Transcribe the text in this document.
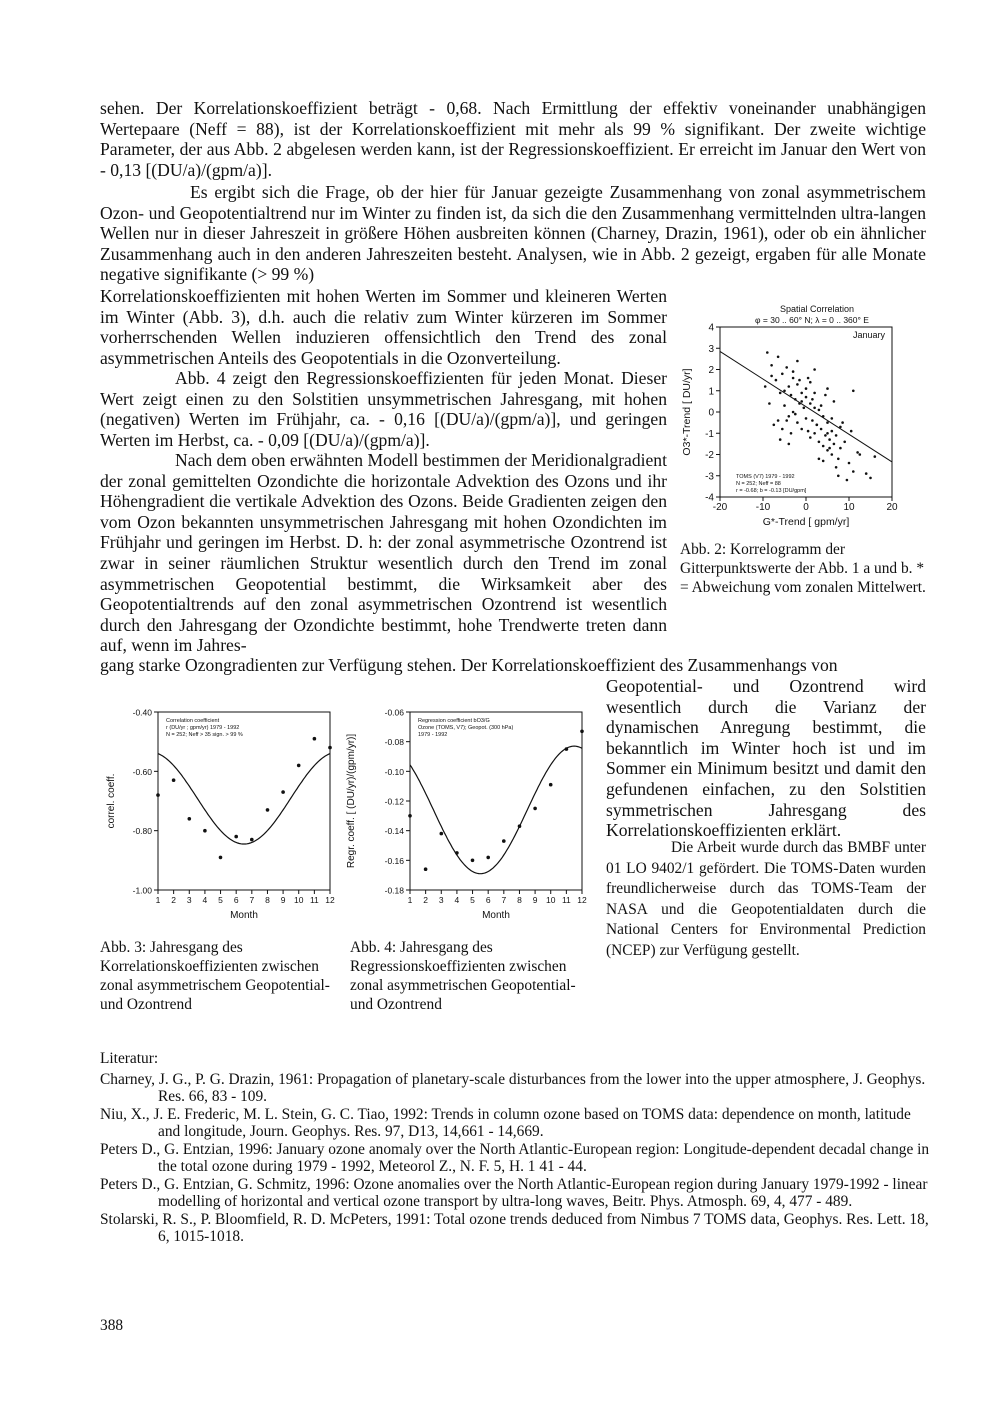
sehen. Der Korrelationskoeffizient beträgt - 0,68. Nach Ermittlung der effektiv voneinander unabhängigen Wertepaare (Neff = 88), ist der Korrelationskoeffizient mit mehr als 99 % signifikant. Der zweite wichtige Parameter, der aus Abb. 2 abgelesen werden kann, ist der Regressionskoeffizient. Er erreicht im Januar den Wert von - 0,13 [(DU/a)/(gpm/a)].

Es ergibt sich die Frage, ob der hier für Januar gezeigte Zusammenhang von zonal asymmetrischem Ozon- und Geopotentialtrend nur im Winter zu finden ist, da sich die den Zusammenhang vermittelnden ultra-langen Wellen nur in dieser Jahreszeit in größere Höhen ausbreiten können (Charney, Drazin, 1961), oder ob ein ähnlicher Zusammenhang auch in den anderen Jahreszeiten besteht. Analysen, wie in Abb. 2 gezeigt, ergaben für alle Monate negative signifikante (> 99 %)

Korrelationskoeffizienten mit hohen Werten im Sommer und kleineren Werten im Winter (Abb. 3), d.h. auch die relativ zum Winter kürzeren im Sommer vorherrschenden Wellen induzieren offensichtlich den Trend des zonal asymmetrischen Anteils des Geopotentials in die Ozonverteilung.

Abb. 4 zeigt den Regressionskoeffizienten für jeden Monat. Dieser Wert zeigt einen zu den Solstitien unsymmetrischen Jahresgang, mit hohen (negativen) Werten im Frühjahr, ca. - 0,16 [(DU/a)/(gpm/a)], und geringen Werten im Herbst, ca. - 0,09 [(DU/a)/(gpm/a)].

Nach dem oben erwähnten Modell bestimmen der Meridionalgradient der zonal gemittelten Ozondichte die horizontale Advektion des Ozons und ihr Höhengradient die vertikale Advektion des Ozons. Beide Gradienten zeigen den vom Ozon bekannten unsymmetrischen Jahresgang mit hohen Ozondichten im Frühjahr und geringen im Herbst. D. h: der zonal asymmetrische Ozontrend ist zwar in seiner räumlichen Struktur wesentlich durch den Trend im zonal asymmetrischen Geopotential bestimmt, die Wirksamkeit aber des Geopotentialtrends auf den zonal asymmetrischen Ozontrend ist wesentlich durch den Jahresgang der Ozondichte bestimmt, hohe Trendwerte treten dann auf, wenn im Jahres-

gang starke Ozongradienten zur Verfügung stehen. Der Korrelationskoeffizient des Zusammenhangs von

Geopotential- und Ozontrend wird wesentlich durch die Varianz der dynamischen Anregung bestimmt, die bekanntlich im Winter hoch ist und im Sommer ein Minimum besitzt und damit den gefundenen einfachen, zu den Solstitien symmetrischen Jahresgang des Korrelationskoeffizienten erklärt.

Die Arbeit wurde durch das BMBF unter 01 LO 9402/1 gefördert. Die TOMS-Daten wurden freundlicherweise durch das TOMS-Team der NASA und die Geopotentialdaten durch die National Centers for Environmental Prediction (NCEP) zur Verfügung gestellt.

Abb. 2: Korrelogramm der Gitterpunktswerte der Abb. 1 a und b. * = Abweichung vom zonalen Mittelwert.

Abb. 3: Jahresgang des Korrelationskoeffizienten zwischen zonal asymmetrischem Geopotential- und Ozontrend

Abb. 4: Jahresgang des Regressionskoeffizienten zwischen zonal asymmetrischen Geopotential- und Ozontrend

Spatial Correlation
φ = 30 .. 60° N; λ = 0 .. 360° E
January
4
3
2
1
0
-1
-2
-3
-4
-20	-10	0	10	20
TOMS (V7) 1979 - 1992
N = 252; Neff = 88
r = -0.68; b = -0.13 [DU/gpm]
G*-Trend [ gpm/yr]
O3*-Trend [ DU/yr]
Correlation coefficient
r (DU/yr ; gpm/yr) 1979 - 1992
N = 252; Neff > 35 sign. > 99 %
-0.40
-0.60
-0.80
-1.00
1 2 3 4 5 6 7 8 9 10 11 12
Month
correl. coeff.
Regression coefficient bO3/G
Ozone (TOMS, V7); Geopot. (300 hPa)
1979 - 1992
-0.06
-0.08
-0.10
-0.12
-0.14
-0.16
-0.18
1 2 3 4 5 6 7 8 9 10 11 12
Month
Regr. coeff. [ (DU/yr)/(gpm/yr)]
Literatur:
Charney, J. G., P. G. Drazin, 1961: Propagation of planetary-scale disturbances from the lower into the upper atmosphere, J. Geophys. Res. 66, 83 - 109.
Niu, X., J. E. Frederic, M. L. Stein, G. C. Tiao, 1992: Trends in column ozone based on TOMS data: dependence on month, latitude and longitude, Journ. Geophys. Res. 97, D13, 14,661 - 14,669.
Peters D., G. Entzian, 1996: January ozone anomaly over the North Atlantic-European region: Longitude-dependent decadal change in the total ozone during 1979 - 1992, Meteorol Z., N. F. 5, H. 1 41 - 44.
Peters D., G. Entzian, G. Schmitz, 1996: Ozone anomalies over the North Atlantic-European region during January 1979-1992 - linear modelling of horizontal and vertical ozone transport by ultra-long waves, Beitr. Phys. Atmosph. 69, 4, 477 - 489.
Stolarski, R. S., P. Bloomfield, R. D. McPeters, 1991: Total ozone trends deduced from Nimbus 7 TOMS data, Geophys. Res. Lett. 18, 6, 1015-1018.
388
